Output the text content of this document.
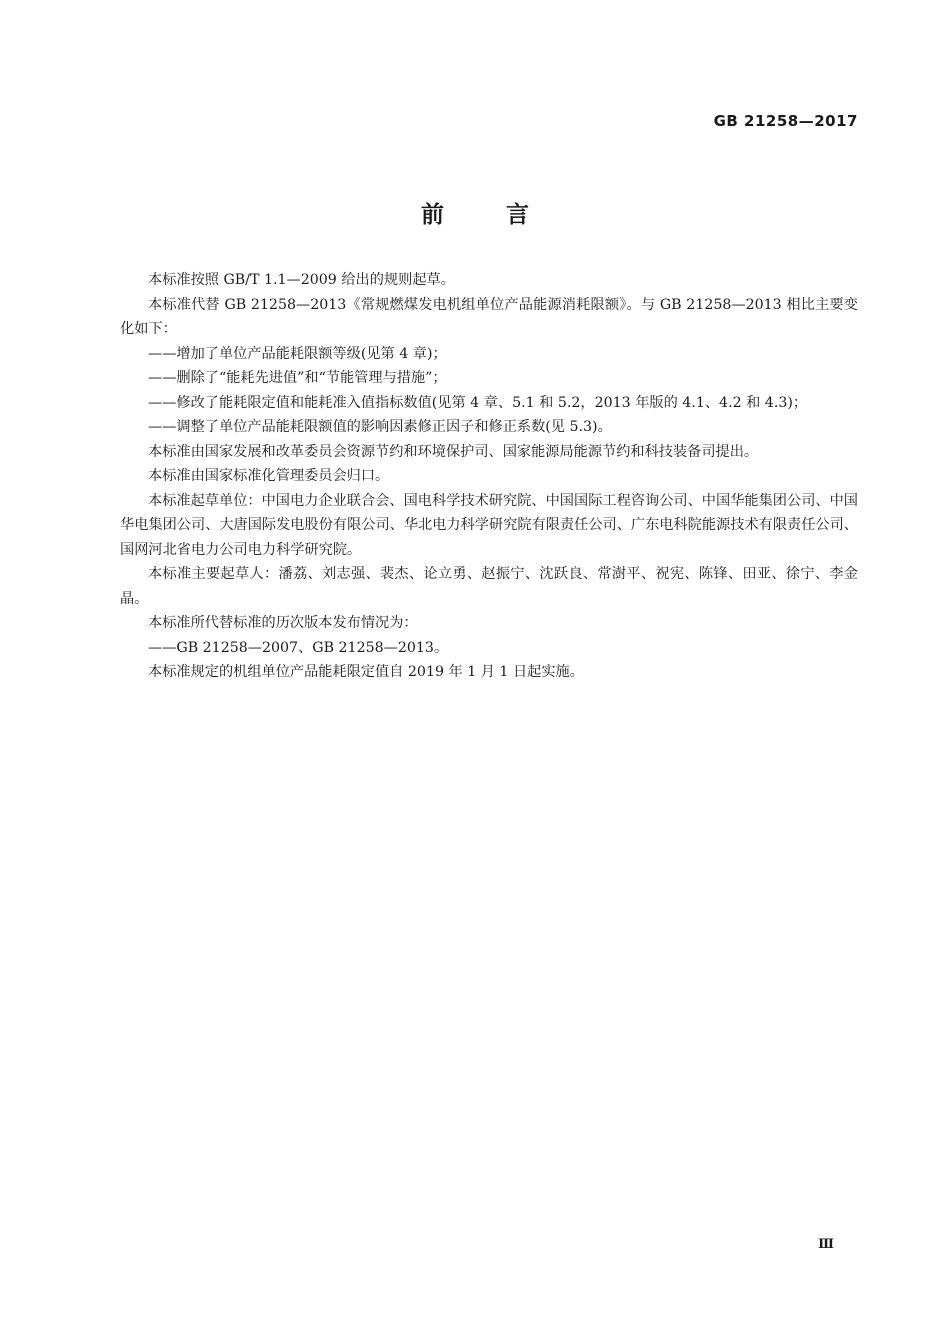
GB 21258—2017
前言

本标准按照 GB/T 1.1—2009 给出的规则起草。

本标准代替 GB 21258—2013《常规燃煤发电机组单位产品能源消耗限额》。与 GB 21258—2013 相比主要变化如下：

——增加了单位产品能耗限额等级(见第 4 章)；

——删除了“能耗先进值”和“节能管理与措施”；

——修改了能耗限定值和能耗准入值指标数值(见第 4 章、5.1 和 5.2，2013 年版的 4.1、4.2 和 4.3)；

——调整了单位产品能耗限额值的影响因素修正因子和修正系数(见 5.3)。

本标准由国家发展和改革委员会资源节约和环境保护司、国家能源局能源节约和科技装备司提出。

本标准由国家标准化管理委员会归口。

本标准起草单位：中国电力企业联合会、国电科学技术研究院、中国国际工程咨询公司、中国华能集团公司、中国华电集团公司、大唐国际发电股份有限公司、华北电力科学研究院有限责任公司、广东电科院能源技术有限责任公司、国网河北省电力公司电力科学研究院。

本标准主要起草人：潘荔、刘志强、裴杰、论立勇、赵振宁、沈跃良、常澍平、祝宪、陈锋、田亚、徐宁、李金晶。

本标准所代替标准的历次版本发布情况为：

——GB 21258—2007、GB 21258—2013。

本标准规定的机组单位产品能耗限定值自 2019 年 1 月 1 日起实施。

Ⅲ
